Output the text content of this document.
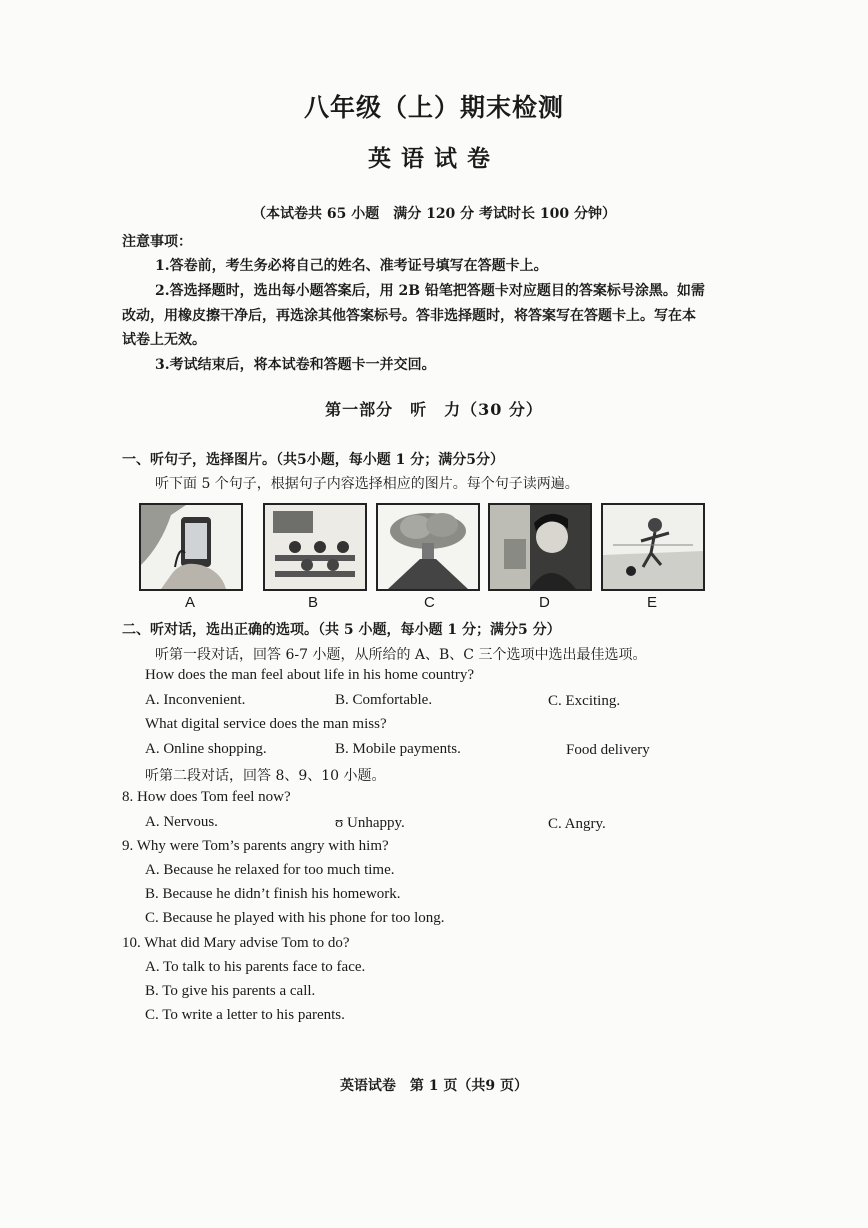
八年级（上）期末检测
英语试卷
（本试卷共 65 小题　满分 120 分 考试时长 100 分钟）
注意事项：
1.答卷前，考生务必将自己的姓名、准考证号填写在答题卡上。
2.答选择题时，选出每小题答案后，用 2B 铅笔把答题卡对应题目的答案标号涂黑。如需
改动，用橡皮擦干净后，再选涂其他答案标号。答非选择题时，将答案写在答题卡上。写在本
试卷上无效。
3.考试结束后，将本试卷和答题卡一并交回。
第一部分　听　力（30 分）
一、听句子，选择图片。（共5小题，每小题 1 分；满分5分）
听下面 5 个句子，根据句子内容选择相应的图片。每个句子读两遍。
A	B	C	D	E
二、听对话，选出正确的选项。（共 5 小题，每小题 1 分；满分5 分）
听第一段对话，回答 6-7 小题，从所给的 A、B、C 三个选项中选出最佳选项。
How does the man feel about life in his home country?
A. Inconvenient.	B. Comfortable.	C. Exciting.
What digital service does the man miss?
A. Online shopping.	B. Mobile payments.	Food delivery
听第二段对话，回答 8、9、10 小题。
8. How does Tom feel now?
A. Nervous.	ʊ Unhappy.	C. Angry.
9. Why were Tom’s parents angry with him?
A. Because he relaxed for too much time.
B. Because he didn’t finish his homework.
C. Because he played with his phone for too long.
10. What did Mary advise Tom to do?
A. To talk to his parents face to face.
B. To give his parents a call.
C. To write a letter to his parents.
英语试卷　第 1 页（共9 页）
